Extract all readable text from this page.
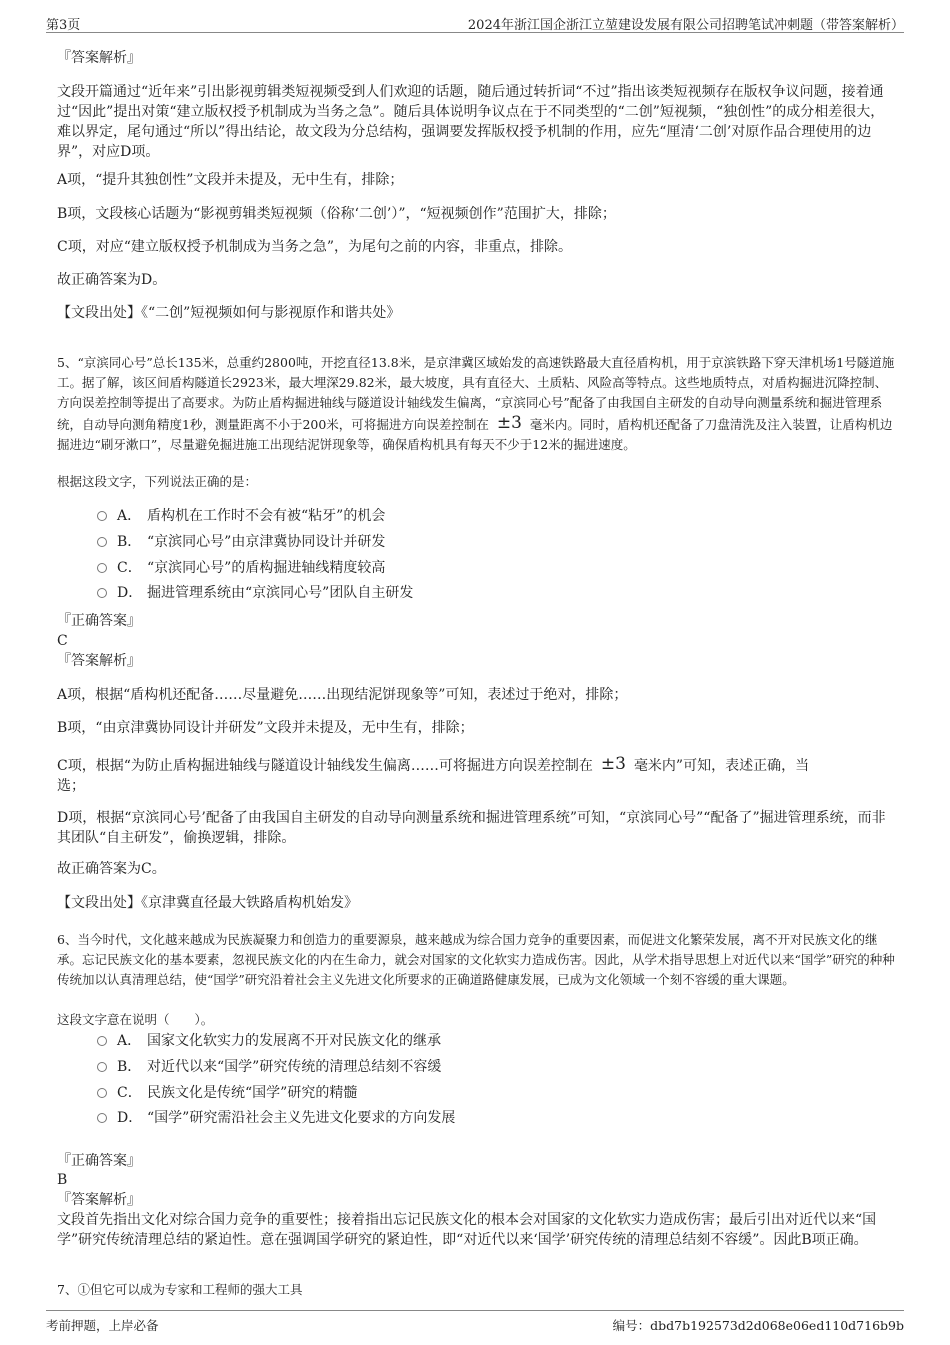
第3页	2024年浙江国企浙江立堃建设发展有限公司招聘笔试冲刺题（带答案解析）
『答案解析』
文段开篇通过“近年来”引出影视剪辑类短视频受到人们欢迎的话题，随后通过转折词“不过”指出该类短视频存在版权争议问题，接着通过“因此”提出对策“建立版权授予机制成为当务之急”。随后具体说明争议点在于不同类型的“二创”短视频，“独创性”的成分相差很大，难以界定，尾句通过“所以”得出结论，故文段为分总结构，强调要发挥版权授予机制的作用，应先“厘清‘二创’对原作品合理使用的边界”，对应D项。
A项，“提升其独创性”文段并未提及，无中生有，排除；
B项，文段核心话题为“影视剪辑类短视频（俗称‘二创’）”，“短视频创作”范围扩大，排除；
C项，对应“建立版权授予机制成为当务之急”，为尾句之前的内容，非重点，排除。
故正确答案为D。
【文段出处】《“二创”短视频如何与影视原作和谐共处》
5、“京滨同心号”总长135米，总重约2800吨，开挖直径13.8米，是京津冀区域始发的高速铁路最大直径盾构机，用于京滨铁路下穿天津机场1号隧道施工。据了解，该区间盾构隧道长2923米，最大埋深29.82米，最大坡度，具有直径大、土质粘、风险高等特点。这些地质特点，对盾构掘进沉降控制、方向误差控制等提出了高要求。为防止盾构掘进轴线与隧道设计轴线发生偏离，“京滨同心号”配备了由我国自主研发的自动导向测量系统和掘进管理系统，自动导向测角精度1秒，测量距离不小于200米，可将掘进方向误差控制在 ±3 毫米内。同时，盾构机还配备了刀盘清洗及注入装置，让盾构机边掘进边“刷牙漱口”，尽量避免掘进施工出现结泥饼现象等，确保盾构机具有每天不少于12米的掘进速度。
根据这段文字，下列说法正确的是：
A． 盾构机在工作时不会有被“粘牙”的机会
B． “京滨同心号”由京津冀协同设计并研发
C． “京滨同心号”的盾构掘进轴线精度较高
D． 掘进管理系统由“京滨同心号”团队自主研发
『正确答案』
C
『答案解析』
A项，根据“盾构机还配备……尽量避免……出现结泥饼现象等”可知，表述过于绝对，排除；
B项，“由京津冀协同设计并研发”文段并未提及，无中生有，排除；
C项，根据“为防止盾构掘进轴线与隧道设计轴线发生偏离……可将掘进方向误差控制在 ±3 毫米内”可知，表述正确，当
选；
D项，根据“京滨同心号’配备了由我国自主研发的自动导向测量系统和掘进管理系统”可知，“京滨同心号”“配备了”掘进管理系统，而非其团队“自主研发”，偷换逻辑，排除。
故正确答案为C。
【文段出处】《京津冀直径最大铁路盾构机始发》
6、当今时代，文化越来越成为民族凝聚力和创造力的重要源泉，越来越成为综合国力竞争的重要因素，而促进文化繁荣发展，离不开对民族文化的继承。忘记民族文化的基本要素，忽视民族文化的内在生命力，就会对国家的文化软实力造成伤害。因此，从学术指导思想上对近代以来“国学”研究的种种传统加以认真清理总结，使“国学”研究沿着社会主义先进文化所要求的正确道路健康发展，已成为文化领域一个刻不容缓的重大课题。
这段文字意在说明（　　）。
A． 国家文化软实力的发展离不开对民族文化的继承
B． 对近代以来“国学”研究传统的清理总结刻不容缓
C． 民族文化是传统“国学”研究的精髓
D． “国学”研究需沿社会主义先进文化要求的方向发展
『正确答案』
B
『答案解析』
文段首先指出文化对综合国力竞争的重要性；接着指出忘记民族文化的根本会对国家的文化软实力造成伤害；最后引出对近代以来“国学”研究传统清理总结的紧迫性。意在强调国学研究的紧迫性，即“对近代以来‘国学’研究传统的清理总结刻不容缓”。因此B项正确。
7、①但它可以成为专家和工程师的强大工具
考前押题，上岸必备	编号：dbd7b192573d2d068e06ed110d716b9b
